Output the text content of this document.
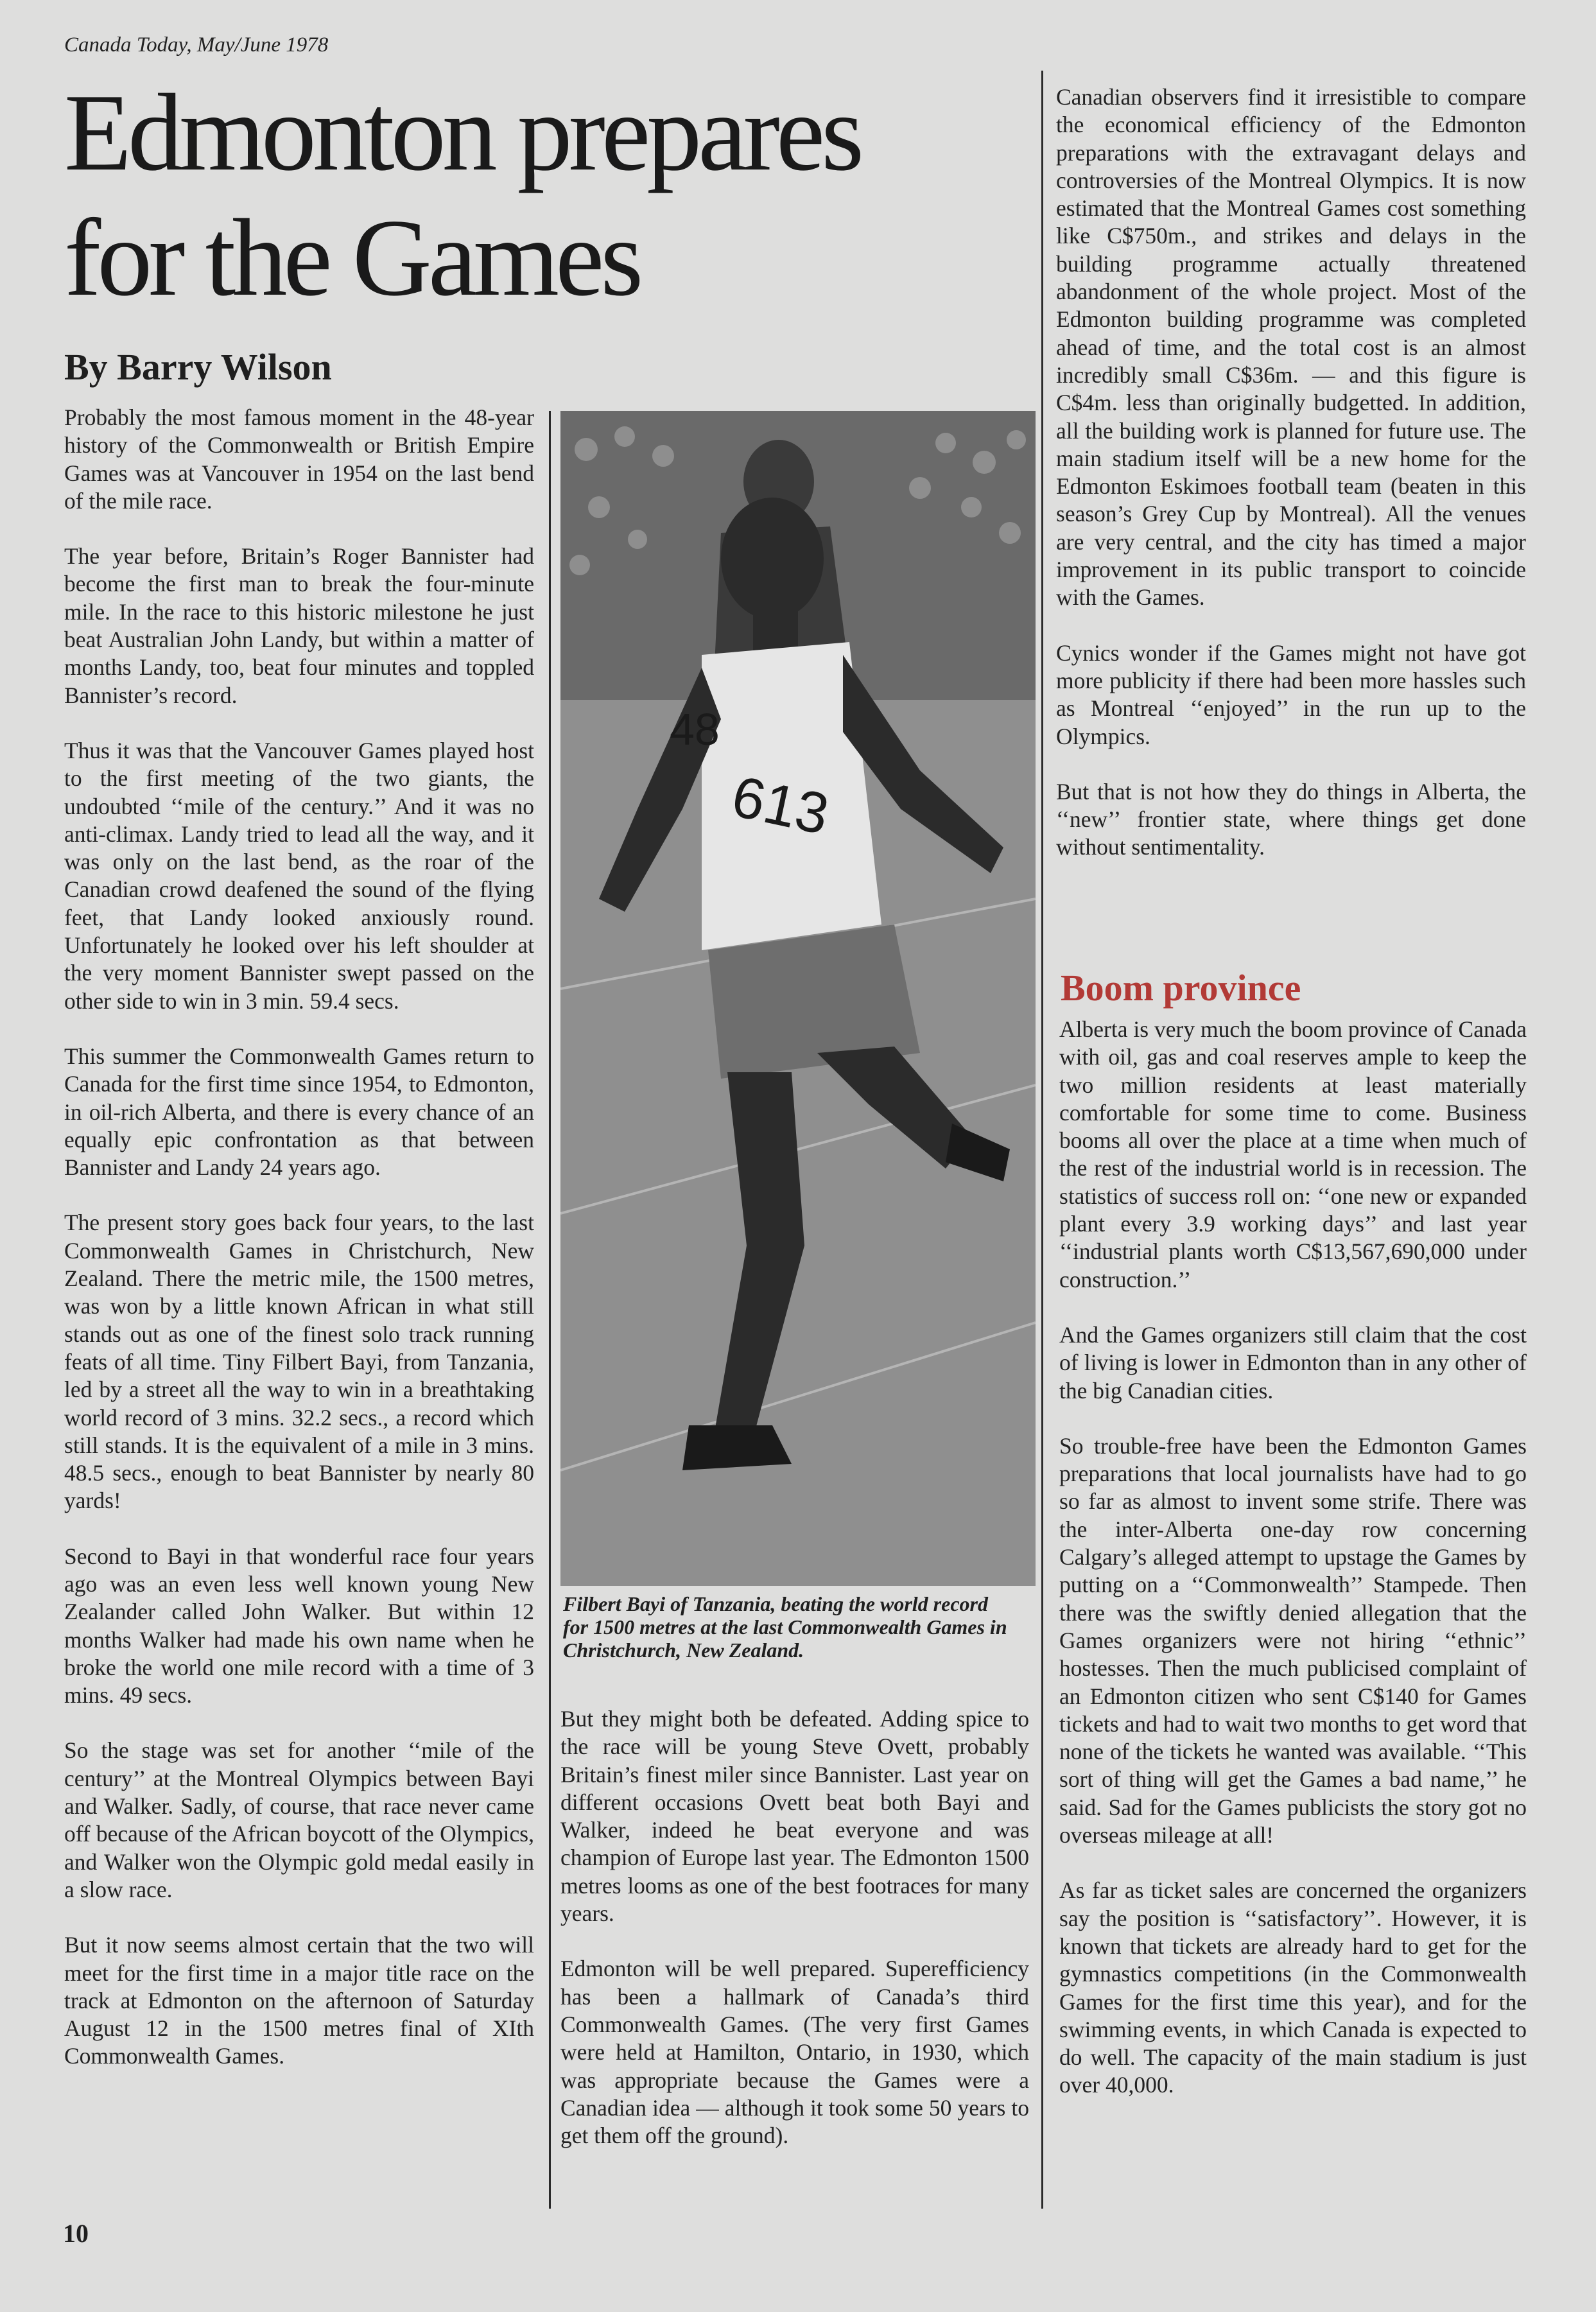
Canada Today, May/June 1978
Edmonton prepares for the Games
By Barry Wilson

Probably the most famous moment in the 48-year history of the Commonwealth or British Empire Games was at Vancouver in 1954 on the last bend of the mile race.

The year before, Britain’s Roger Bannister had become the first man to break the four-minute mile. In the race to this historic milestone he just beat Australian John Landy, but within a matter of months Landy, too, beat four minutes and toppled Bannister’s record.

Thus it was that the Vancouver Games played host to the first meeting of the two giants, the undoubted ‘‘mile of the century.’’ And it was no anti-climax. Landy tried to lead all the way, and it was only on the last bend, as the roar of the Canadian crowd deafened the sound of the flying feet, that Landy looked anxiously round. Unfortunately he looked over his left shoulder at the very moment Bannister swept passed on the other side to win in 3 min. 59.4 secs.

This summer the Commonwealth Games return to Canada for the first time since 1954, to Edmonton, in oil-rich Alberta, and there is every chance of an equally epic confrontation as that between Bannister and Landy 24 years ago.

The present story goes back four years, to the last Commonwealth Games in Christchurch, New Zealand. There the metric mile, the 1500 metres, was won by a little known African in what still stands out as one of the finest solo track running feats of all time. Tiny Filbert Bayi, from Tanzania, led by a street all the way to win in a breathtaking world record of 3 mins. 32.2 secs., a record which still stands. It is the equivalent of a mile in 3 mins. 48.5 secs., enough to beat Bannister by nearly 80 yards!

Second to Bayi in that wonderful race four years ago was an even less well known young New Zealander called John Walker. But within 12 months Walker had made his own name when he broke the world one mile record with a time of 3 mins. 49 secs.

So the stage was set for another ‘‘mile of the century’’ at the Montreal Olympics between Bayi and Walker. Sadly, of course, that race never came off because of the African boycott of the Olympics, and Walker won the Olympic gold medal easily in a slow race.

But it now seems almost certain that the two will meet for the first time in a major title race on the track at Edmonton on the afternoon of Saturday August 12 in the 1500 metres final of XIth Commonwealth Games.

613
48
Filbert Bayi of Tanzania, beating the world record for 1500 metres at the last Commonwealth Games in Christchurch, New Zealand.

But they might both be defeated. Adding spice to the race will be young Steve Ovett, probably Britain’s finest miler since Bannister. Last year on different occasions Ovett beat both Bayi and Walker, indeed he beat everyone and was champion of Europe last year. The Edmonton 1500 metres looms as one of the best footraces for many years.

Edmonton will be well prepared. Superefficiency has been a hallmark of Canada’s third Commonwealth Games. (The very first Games were held at Hamilton, Ontario, in 1930, which was appropriate because the Games were a Canadian idea — although it took some 50 years to get them off the ground).

Canadian observers find it irresistible to compare the economical efficiency of the Edmonton preparations with the extravagant delays and controversies of the Montreal Olympics. It is now estimated that the Montreal Games cost something like C$750m., and strikes and delays in the building programme actually threatened abandonment of the whole project. Most of the Edmonton building programme was completed ahead of time, and the total cost is an almost incredibly small C$36m. — and this figure is C$4m. less than originally budgetted. In addition, all the building work is planned for future use. The main stadium itself will be a new home for the Edmonton Eskimoes football team (beaten in this season’s Grey Cup by Montreal). All the venues are very central, and the city has timed a major improvement in its public transport to coincide with the Games.

Cynics wonder if the Games might not have got more publicity if there had been more hassles such as Montreal ‘‘enjoyed’’ in the run up to the Olympics.

But that is not how they do things in Alberta, the ‘‘new’’ frontier state, where things get done without sentimentality.

Boom province

Alberta is very much the boom province of Canada with oil, gas and coal reserves ample to keep the two million residents at least materially comfortable for some time to come. Business booms all over the place at a time when much of the rest of the industrial world is in recession. The statistics of success roll on: ‘‘one new or expanded plant every 3.9 working days’’ and last year ‘‘industrial plants worth C$13,567,690,000 under construction.’’

And the Games organizers still claim that the cost of living is lower in Edmonton than in any other of the big Canadian cities.

So trouble-free have been the Edmonton Games preparations that local journalists have had to go so far as almost to invent some strife. There was the inter-Alberta one-day row concerning Calgary’s alleged attempt to upstage the Games by putting on a ‘‘Commonwealth’’ Stampede. Then there was the swiftly denied allegation that the Games organizers were not hiring ‘‘ethnic’’ hostesses. Then the much publicised complaint of an Edmonton citizen who sent C$140 for Games tickets and had to wait two months to get word that none of the tickets he wanted was available. ‘‘This sort of thing will get the Games a bad name,’’ he said. Sad for the Games publicists the story got no overseas mileage at all!

As far as ticket sales are concerned the organizers say the position is ‘‘satisfactory’’. However, it is known that tickets are already hard to get for the gymnastics competitions (in the Commonwealth Games for the first time this year), and for the swimming events, in which Canada is expected to do well. The capacity of the main stadium is just over 40,000.

10
